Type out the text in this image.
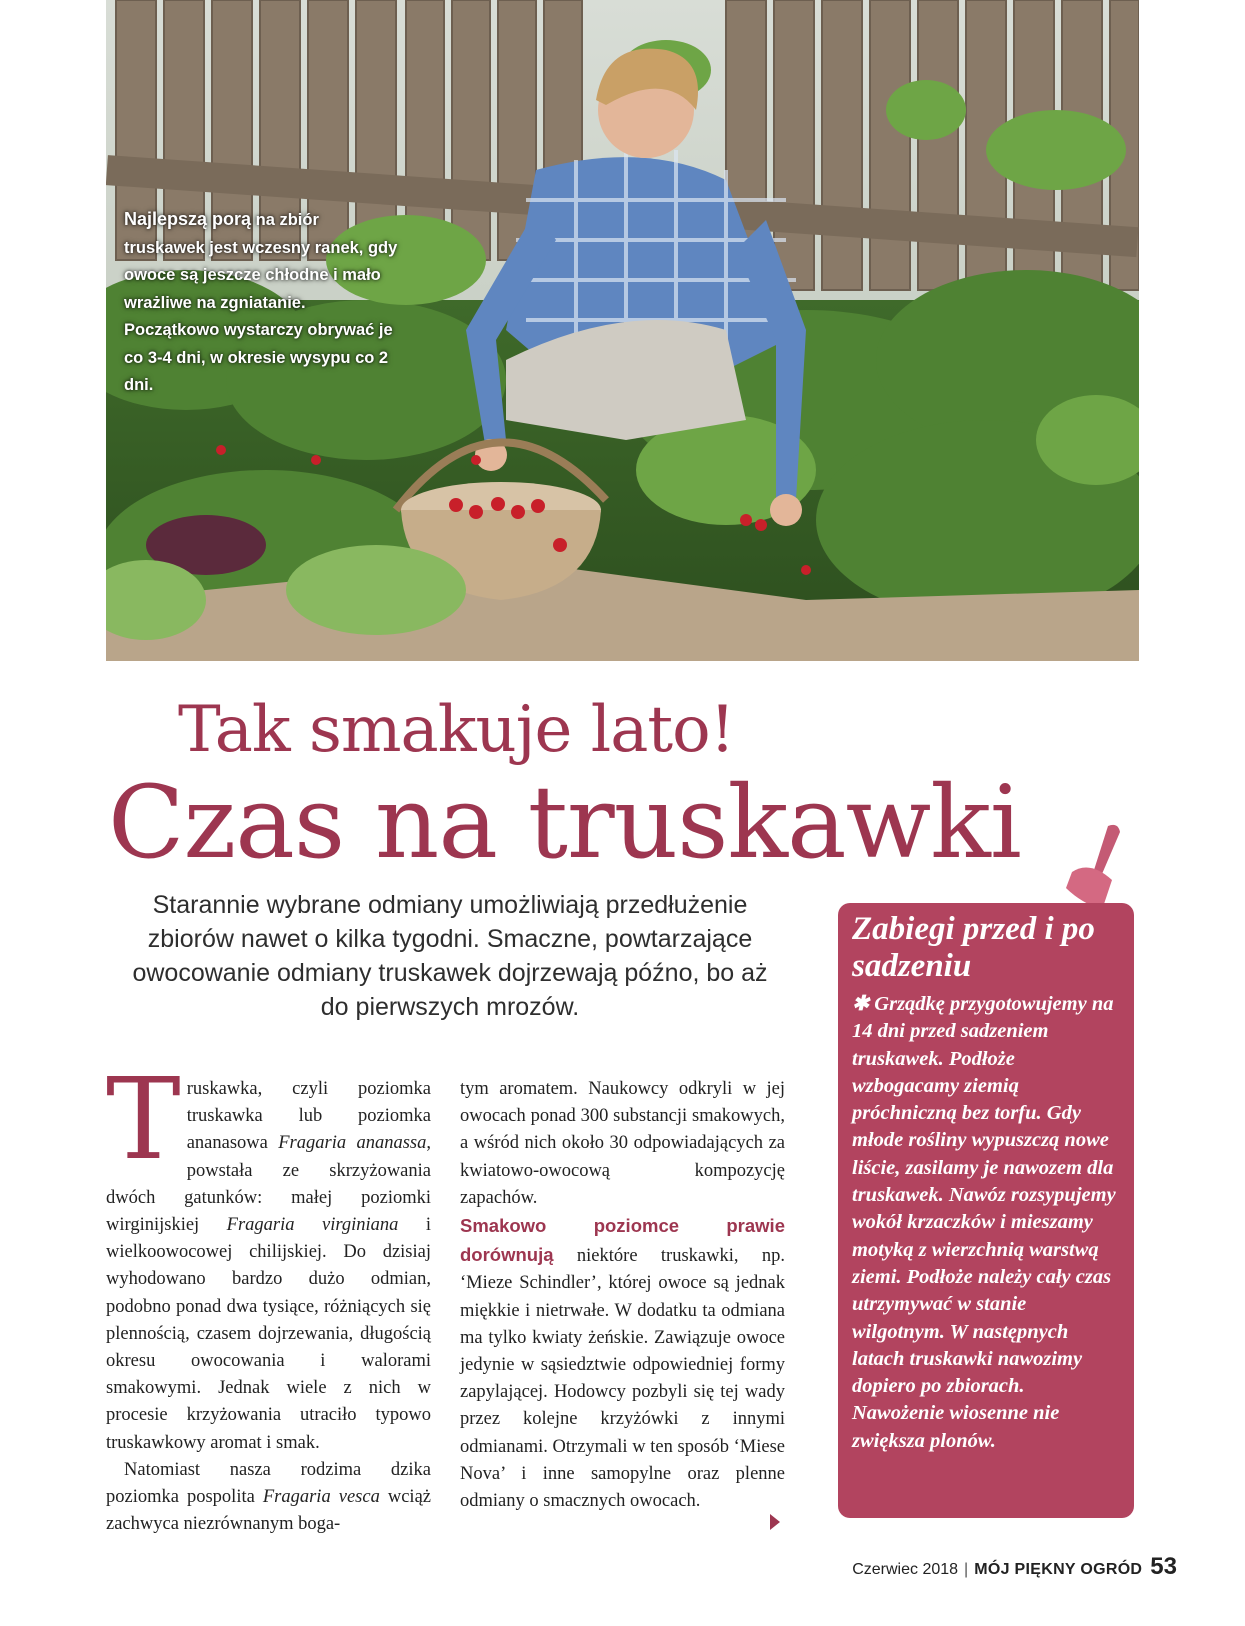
Najlepszą porą na zbiór truskawek jest wczesny ranek, gdy owoce są jeszcze chłodne i mało wrażliwe na zgniatanie. Początkowo wystarczy obrywać je co 3-4 dni, w okresie wysypu co 2 dni.
Tak smakuje lato!
Czas na truskawki
Starannie wybrane odmiany umożliwiają przedłużenie zbiorów nawet o kilka tygodni. Smaczne, powtarzające owocowanie odmiany truskawek dojrzewają późno, bo aż do pierwszych mrozów.

Truskawka, czyli poziomka truskawka lub poziomka ananasowa Fragaria ananassa, powstała ze skrzyżowania dwóch gatunków: małej poziomki wirginijskiej Fragaria virginiana i wielkoowocowej chilijskiej. Do dzisiaj wyhodowano bardzo dużo odmian, podobno ponad dwa tysiące, różniących się plennością, czasem dojrzewania, długością okresu owocowania i walorami smakowymi. Jednak wiele z nich w procesie krzyżowania utraciło typowo truskawkowy aromat i smak.

Natomiast nasza rodzima dzika poziomka pospolita Fragaria vesca wciąż zachwyca niezrównanym boga-

tym aromatem. Naukowcy odkryli w jej owocach ponad 300 substancji smakowych, a wśród nich około 30 odpowiadających za kwiatowo-owocową kompozycję zapachów.

Smakowo poziomce prawie dorównują niektóre truskawki, np. ‘Mieze Schindler’, której owoce są jednak miękkie i nietrwałe. W dodatku ta odmiana ma tylko kwiaty żeńskie. Zawiązuje owoce jedynie w sąsiedztwie odpowiedniej formy zapylającej. Hodowcy pozbyli się tej wady przez kolejne krzyżówki z innymi odmianami. Otrzymali w ten sposób ‘Miese Nova’ i inne samopylne oraz plenne odmiany o smacznych owocach.

Zabiegi przed i po sadzeniu

✱ Grządkę przygotowujemy na 14 dni przed sadzeniem truskawek. Podłoże wzbogacamy ziemią próchniczną bez torfu. Gdy młode rośliny wypuszczą nowe liście, zasilamy je nawozem dla truskawek. Nawóz rozsypujemy wokół krzaczków i mieszamy motyką z wierzchnią warstwą ziemi. Podłoże należy cały czas utrzymywać w stanie wilgotnym. W następnych latach truskawki nawozimy dopiero po zbiorach. Nawożenie wiosenne nie zwiększa plonów.

Czerwiec 2018 | MÓJ PIĘKNY OGRÓD 53
